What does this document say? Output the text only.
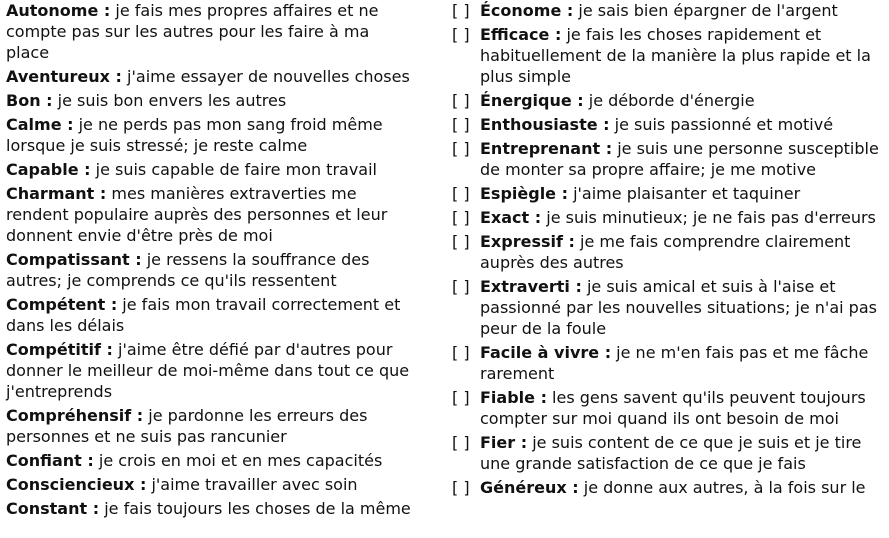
Autonome : je fais mes propres affaires et ne compte pas sur les autres pour les faire à ma place
Aventureux : j'aime essayer de nouvelles choses
Bon : je suis bon envers les autres
Calme : je ne perds pas mon sang froid même lorsque je suis stressé; je reste calme
Capable : je suis capable de faire mon travail
Charmant : mes manières extraverties me rendent populaire auprès des personnes et leur donnent envie d'être près de moi
Compatissant : je ressens la souffrance des autres; je comprends ce qu'ils ressentent
Compétent : je fais mon travail correctement et dans les délais
Compétitif : j'aime être défié par d'autres pour donner le meilleur de moi-même dans tout ce que j'entreprends
Compréhensif : je pardonne les erreurs des personnes et ne suis pas rancunier
Confiant : je crois en moi et en mes capacités
Consciencieux : j'aime travailler avec soin
Constant : je fais toujours les choses de la même
[ ] Économe : je sais bien épargner de l'argent
[ ] Efficace : je fais les choses rapidement et habituellement de la manière la plus rapide et la plus simple
[ ] Énergique : je déborde d'énergie
[ ] Enthousiaste : je suis passionné et motivé
[ ] Entreprenant : je suis une personne susceptible de monter sa propre affaire; je me motive
[ ] Espiègle : j'aime plaisanter et taquiner
[ ] Exact : je suis minutieux; je ne fais pas d'erreurs
[ ] Expressif : je me fais comprendre clairement auprès des autres
[ ] Extraverti : je suis amical et suis à l'aise et passionné par les nouvelles situations; je n'ai pas peur de la foule
[ ] Facile à vivre : je ne m'en fais pas et me fâche rarement
[ ] Fiable : les gens savent qu'ils peuvent toujours compter sur moi quand ils ont besoin de moi
[ ] Fier : je suis content de ce que je suis et je tire une grande satisfaction de ce que je fais
[ ] Généreux : je donne aux autres, à la fois sur le
